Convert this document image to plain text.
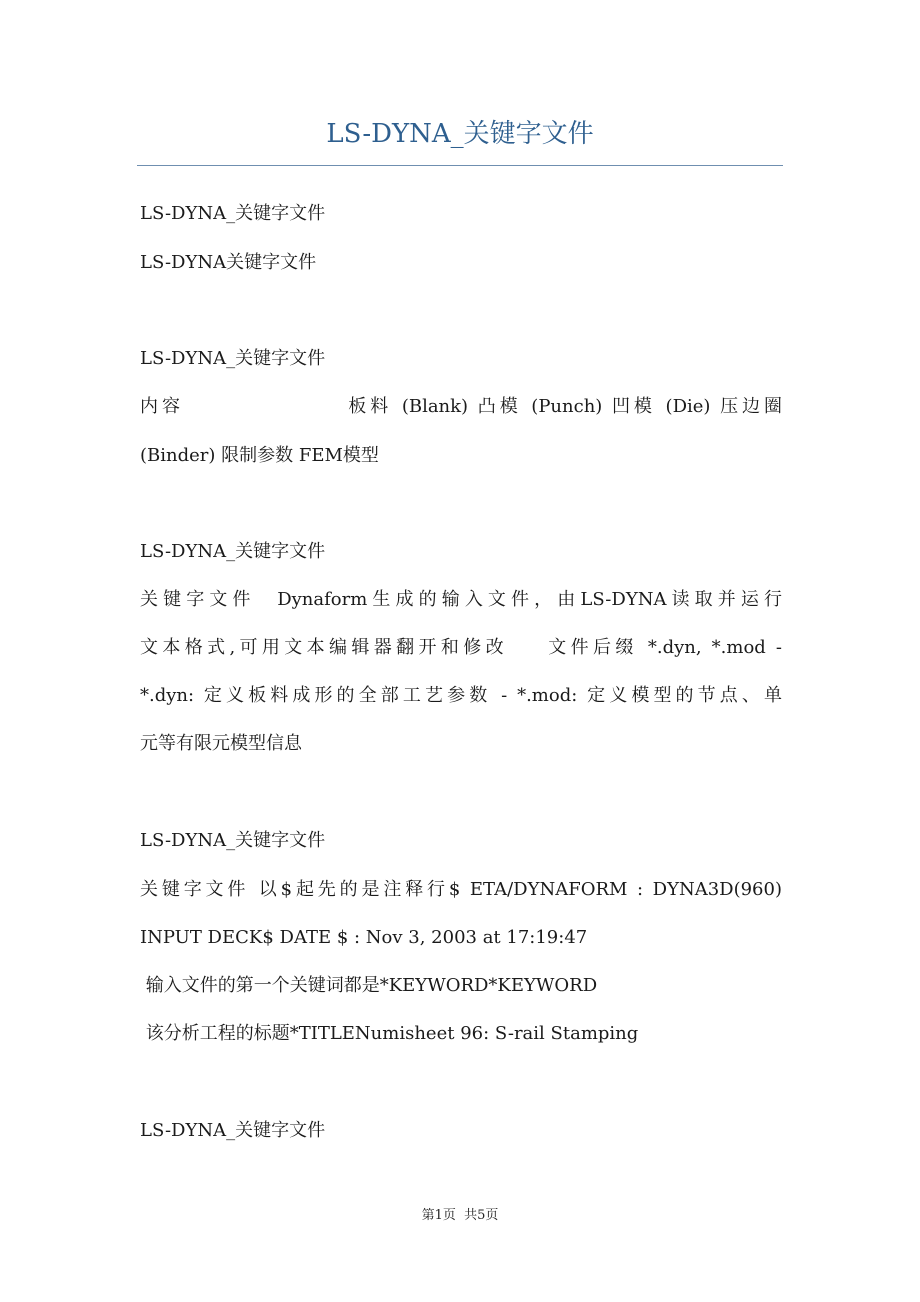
LS-DYNA_关键字文件
LS-DYNA_关键字文件
LS-DYNA关键字文件
LS-DYNA_关键字文件
内容                 板料 (Blank) 凸模 (Punch) 凹模 (Die) 压边圈
(Binder) 限制参数 FEM模型
LS-DYNA_关键字文件
关键字文件  Dynaform生成的输入文件，由LS-DYNA读取并运行
文本格式,可用文本编辑器翻开和修改    文件后缀 *.dyn, *.mod -
*.dyn: 定义板料成形的全部工艺参数 - *.mod: 定义模型的节点、单
元等有限元模型信息
LS-DYNA_关键字文件
关键字文件 以$起先的是注释行$ ETA/DYNAFORM : DYNA3D(960)
INPUT DECK$ DATE $ : Nov 3, 2003 at 17:19:47
输入文件的第一个关键词都是*KEYWORD*KEYWORD
该分析工程的标题*TITLENumisheet 96: S-rail Stamping
LS-DYNA_关键字文件
第1页  共5页
